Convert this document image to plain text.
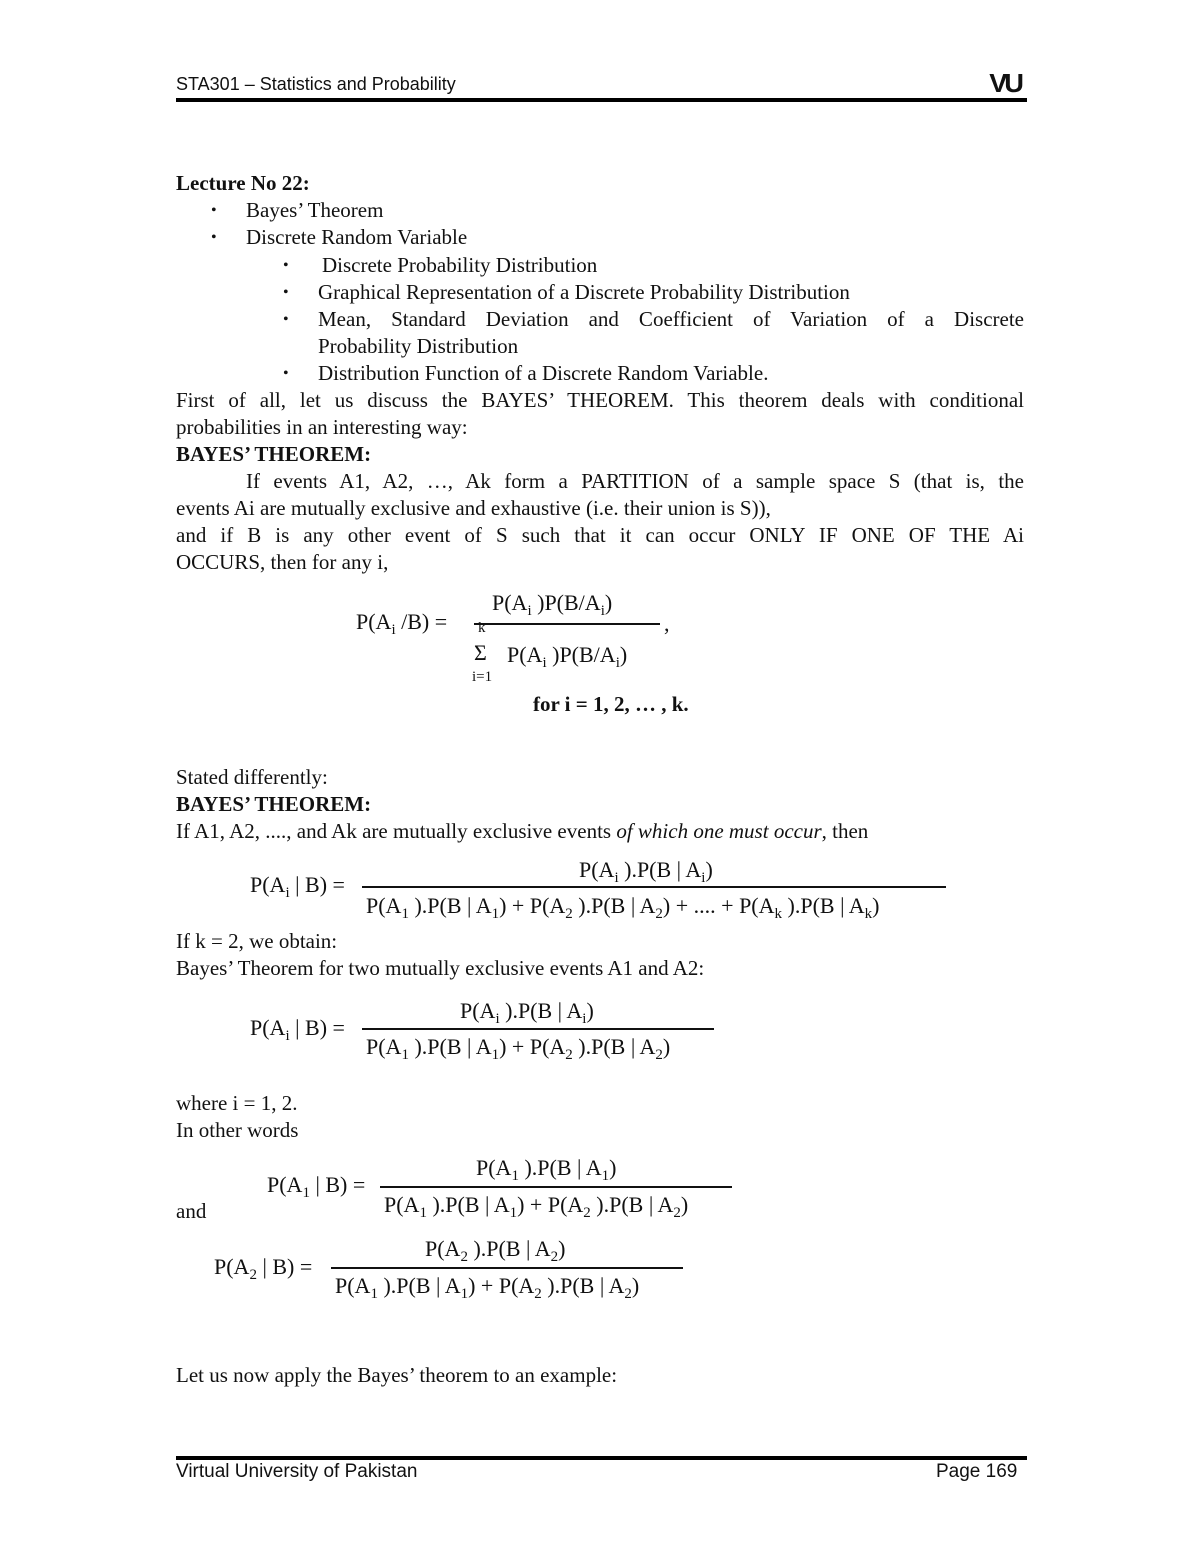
STA301 – Statistics and Probability	VU
Lecture No 22:
• Bayes’ Theorem
• Discrete Random Variable
• Discrete Probability Distribution
• Graphical Representation of a Discrete Probability Distribution
• Mean, Standard Deviation and Coefficient of Variation of a Discrete
Probability Distribution
• Distribution Function of a Discrete Random Variable.
First of all, let us discuss the BAYES’ THEOREM. This theorem deals with conditional
probabilities in an interesting way:
BAYES’ THEOREM:
If events A1, A2, …, Ak form a PARTITION of a sample space S (that is, the
events Ai are mutually exclusive and exhaustive (i.e. their union is S)),
and if B is any other event of S such that it can occur ONLY IF ONE OF THE Ai
OCCURS, then for any i,
$P(A_i$ /B) =
$P(A_i$ )$P(B/A_i)$
,
k
Σ $P(A_i$ )$P(B/A_i)$
i=1
for i = 1, 2, … , k.
Stated differently:
BAYES’ THEOREM:
If A1, A2, ...., and Ak are mutually exclusive events of which one must occur, then
$P(A_i$ | B) =
$P(A_i$ ).P(B | $A_i$)
$P(A_1$ ).P(B | $A_1) + P(A_2$ ).P(B | $A_2$) + .... + $P(A_k$ ).P(B | $A_k$)
If k = 2, we obtain:
Bayes’ Theorem for two mutually exclusive events A1 and A2:
$P(A_i$ | B) =
$P(A_i$ ).P(B | $A_i$)
$P(A_1$ ).P(B | $A_1) + P(A_2$ ).P(B | $A_2$)
where i = 1, 2.
In other words
$P(A_1$ | B) =
$P(A_1$ ).P(B | $A_1$)
$P(A_1$ ).P(B | $A_1) + P(A_2$ ).P(B | $A_2$)
and
$P(A_2$ | B) =
$P(A_2$ ).P(B | $A_2$)
$P(A_1$ ).P(B | $A_1) + P(A_2$ ).P(B | $A_2$)
Let us now apply the Bayes’ theorem to an example:
Virtual University of Pakistan	Page 169
